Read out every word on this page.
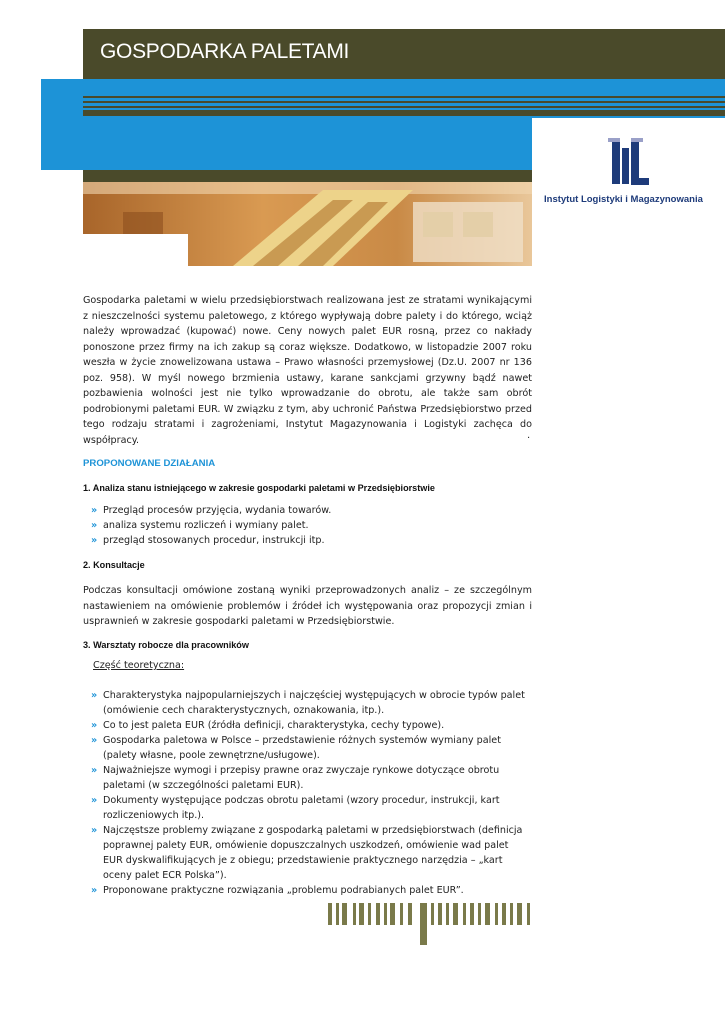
GOSPODARKA PALETAMI
Instytut Logistyki i Magazynowania
Gospodarka paletami w wielu przedsiębiorstwach realizowana jest ze stratami wynikającymi z nieszczelności systemu paletowego, z którego wypływają dobre palety i do którego, wciąż należy wprowadzać (kupować) nowe. Ceny nowych palet EUR rosną, przez co nakłady ponoszone przez firmy na ich zakup są coraz większe. Dodatkowo, w listopadzie 2007 roku weszła w życie znowelizowana ustawa – Prawo własności przemysłowej (Dz.U. 2007 nr 136 poz. 958). W myśl nowego brzmienia ustawy, karane sankcjami grzywny bądź nawet pozbawienia wolności jest nie tylko wprowadzanie do obrotu, ale także sam obrót podrobionymi paletami EUR. W związku z tym, aby uchronić Państwa Przedsiębiorstwo przed tego rodzaju stratami i zagrożeniami, Instytut Magazynowania i Logistyki zachęca do współpracy.	.
PROPONOWANE DZIAŁANIA
1. Analiza stanu istniejącego w zakresie gospodarki paletami w Przedsiębiorstwie
» Przegląd procesów przyjęcia, wydania towarów.
» analiza systemu rozliczeń i wymiany palet.
» przegląd stosowanych procedur, instrukcji itp.
2. Konsultacje
Podczas konsultacji omówione zostaną wyniki przeprowadzonych analiz – ze szczególnym nastawieniem na omówienie problemów i źródeł ich występowania oraz propozycji zmian i usprawnień w zakresie gospodarki paletami w Przedsiębiorstwie.
3. Warsztaty robocze dla pracowników
Część teoretyczna:
» Charakterystyka najpopularniejszych i najczęściej występujących w obrocie typów palet (omówienie cech charakterystycznych, oznakowania, itp.).
» Co to jest paleta EUR (źródła definicji, charakterystyka, cechy typowe).
» Gospodarka paletowa w Polsce – przedstawienie różnych systemów wymiany palet (palety własne, poole zewnętrzne/usługowe).
» Najważniejsze wymogi i przepisy prawne oraz zwyczaje rynkowe dotyczące obrotu paletami (w szczególności paletami EUR).
» Dokumenty występujące podczas obrotu paletami (wzory procedur, instrukcji, kart rozliczeniowych itp.).
» Najczęstsze problemy związane z gospodarką paletami w przedsiębiorstwach (definicja poprawnej palety EUR, omówienie dopuszczalnych uszkodzeń, omówienie wad palet EUR dyskwalifikujących je z obiegu; przedstawienie praktycznego narzędzia – „kart oceny palet ECR Polska”).
» Proponowane praktyczne rozwiązania „problemu podrabianych palet EUR”.
